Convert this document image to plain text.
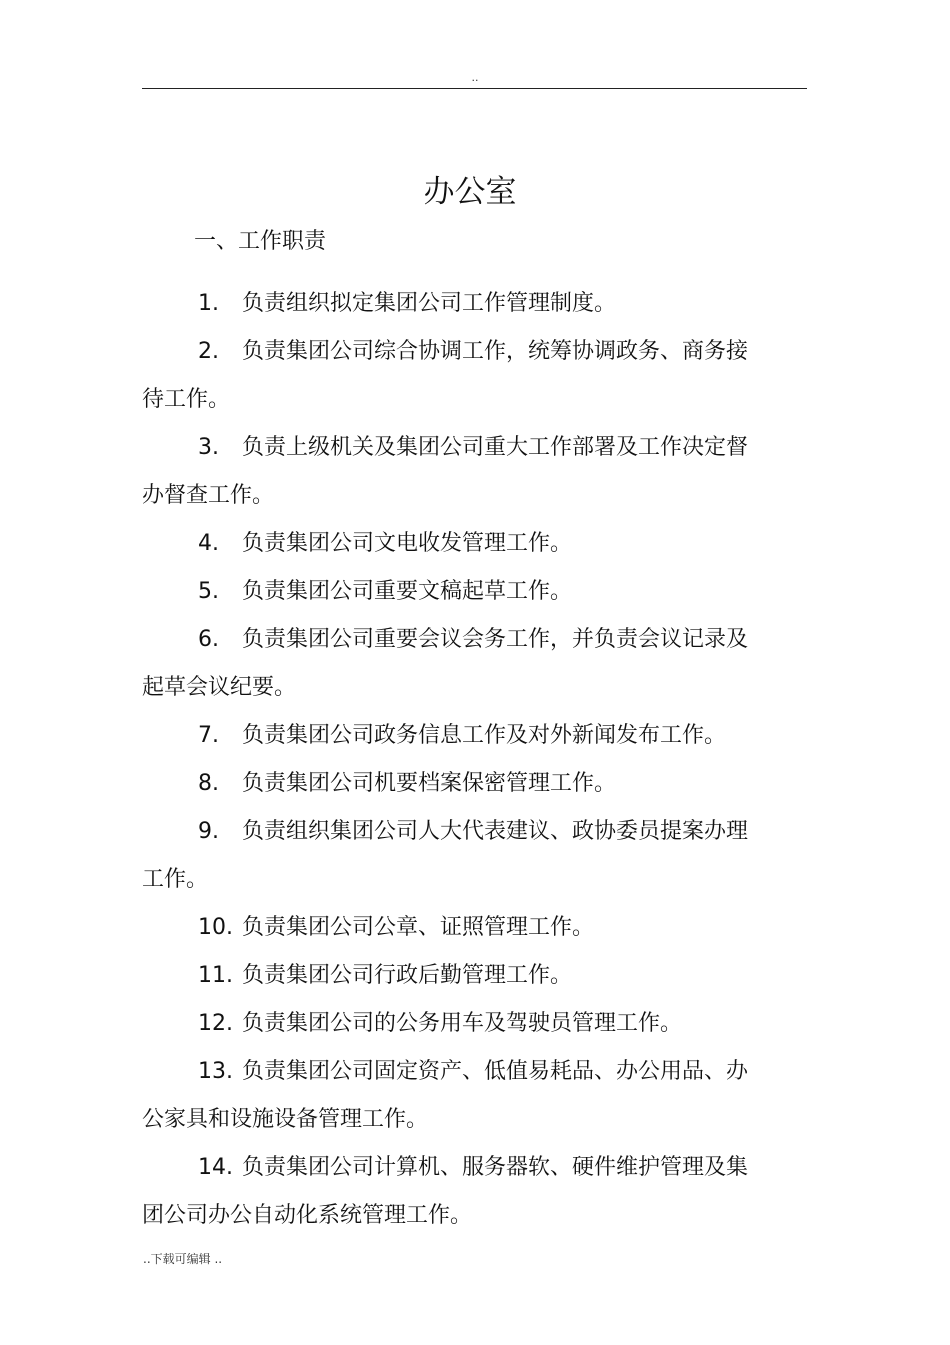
..
办公室

一、工作职责

1. 负责组织拟定集团公司工作管理制度。
2. 负责集团公司综合协调工作，统筹协调政务、商务接待工作。
3. 负责上级机关及集团公司重大工作部署及工作决定督办督查工作。
4. 负责集团公司文电收发管理工作。
5. 负责集团公司重要文稿起草工作。
6. 负责集团公司重要会议会务工作，并负责会议记录及起草会议纪要。
7. 负责集团公司政务信息工作及对外新闻发布工作。
8. 负责集团公司机要档案保密管理工作。
9. 负责组织集团公司人大代表建议、政协委员提案办理工作。
10. 负责集团公司公章、证照管理工作。
11. 负责集团公司行政后勤管理工作。
12. 负责集团公司的公务用车及驾驶员管理工作。
13. 负责集团公司固定资产、低值易耗品、办公用品、办公家具和设施设备管理工作。
14. 负责集团公司计算机、服务器软、硬件维护管理及集团公司办公自动化系统管理工作。
..下载可编辑 ..
